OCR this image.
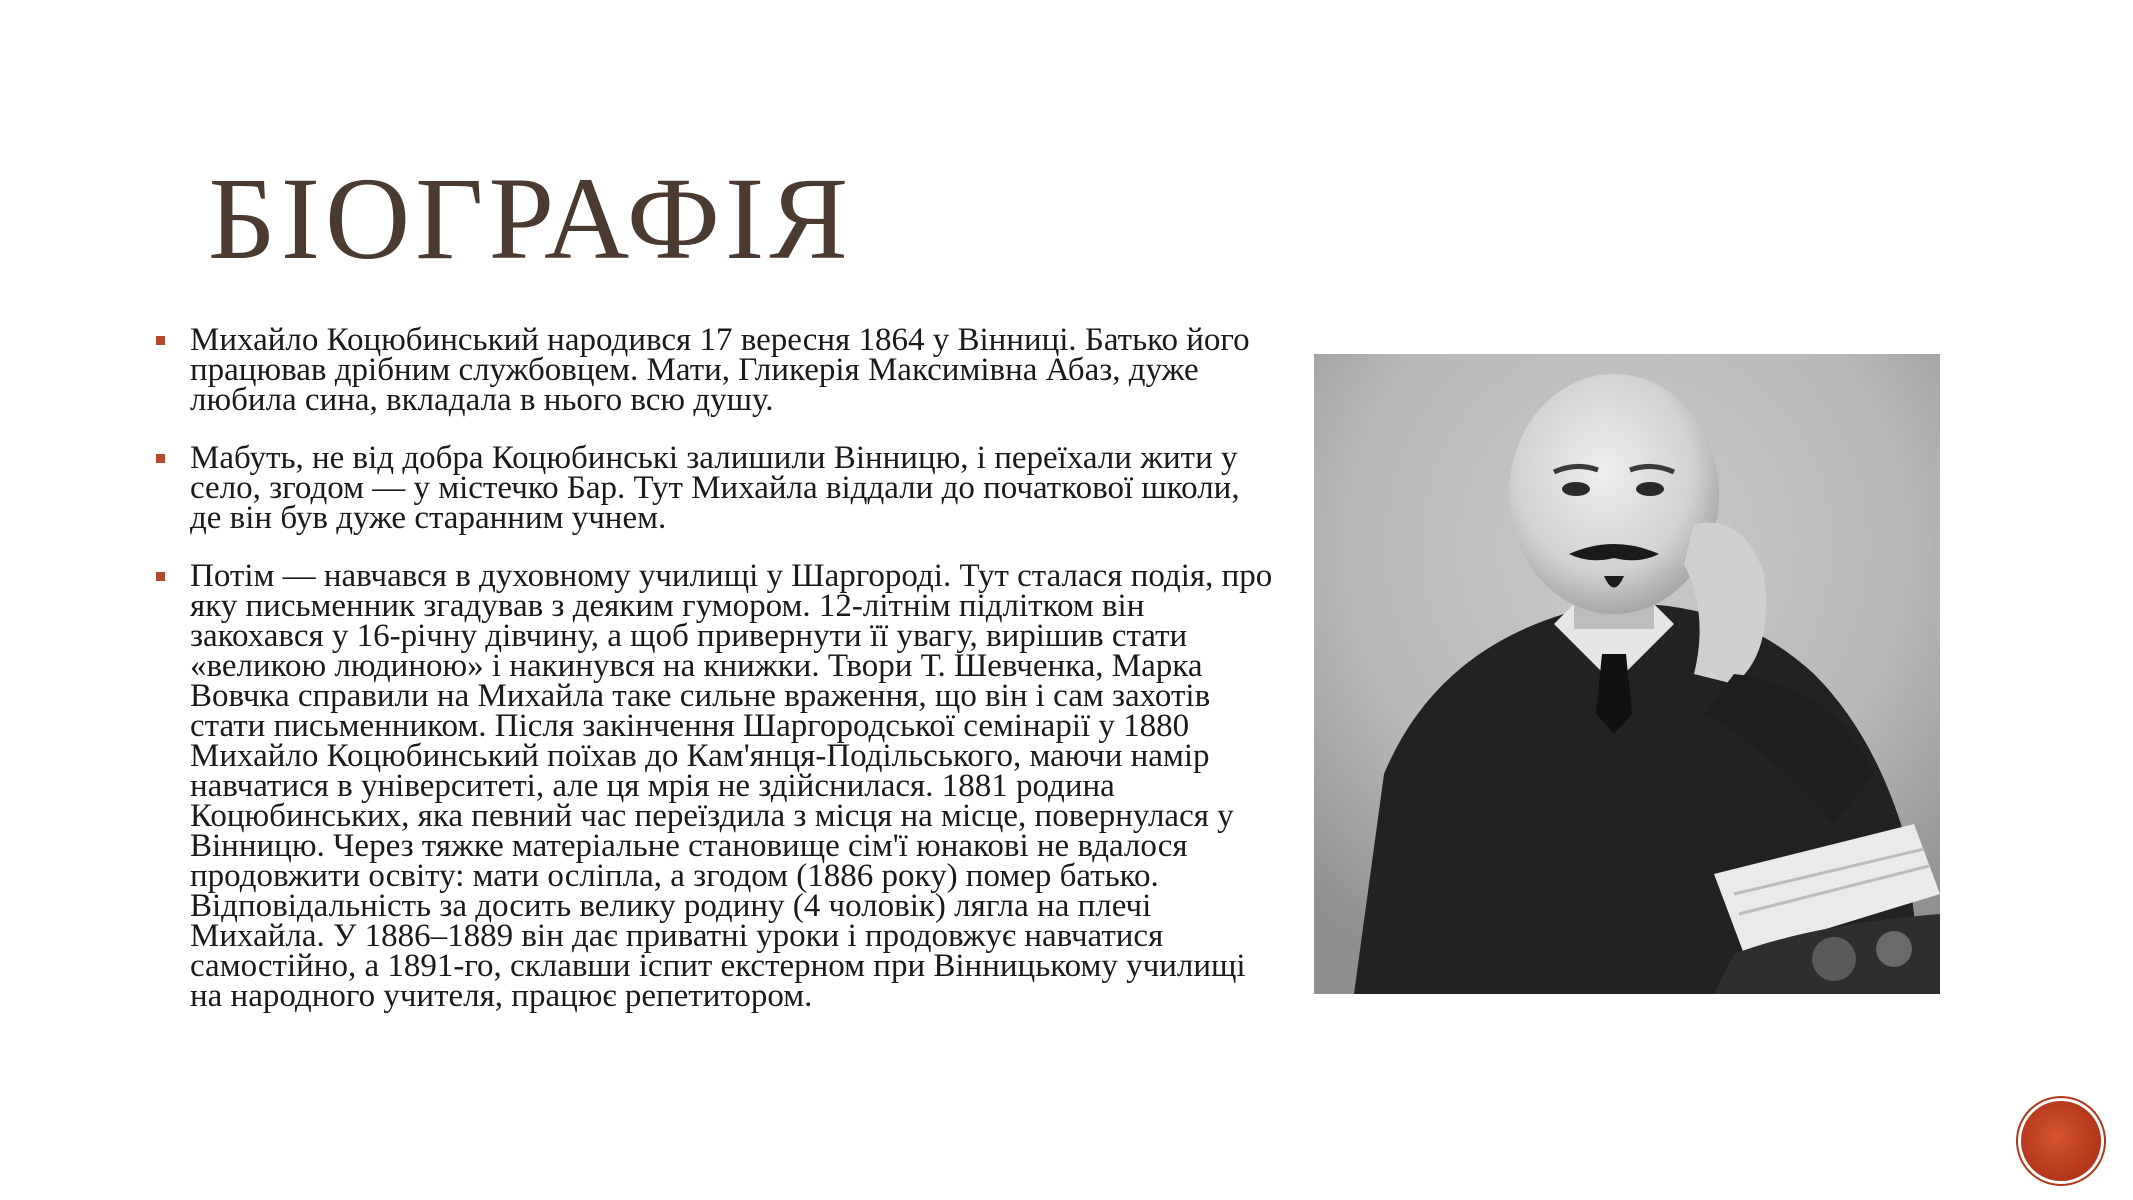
БІОГРАФІЯ

Михайло Коцюбинський народився 17 вересня 1864 у Вінниці. Батько його працював дрібним службовцем. Мати, Гликерія Максимівна Абаз, дуже любила сина, вкладала в нього всю душу.

Мабуть, не від добра Коцюбинські залишили Вінницю, і переїхали жити у село, згодом — у містечко Бар. Тут Михайла віддали до початкової школи, де він був дуже старанним учнем.

Потім — навчався в духовному училищі у Шаргороді. Тут сталася подія, про яку письменник згадував з деяким гумором. 12-літнім підлітком він закохався у 16-річну дівчину, а щоб привернути її увагу, вирішив стати «великою людиною» і накинувся на книжки. Твори Т. Шевченка, Марка Вовчка справили на Михайла таке сильне враження, що він і сам захотів стати письменником. Після закінчення Шаргородської семінарії у 1880 Михайло Коцюбинський поїхав до Кам'янця-Подільського, маючи намір навчатися в університеті, але ця мрія не здійснилася. 1881 родина Коцюбинських, яка певний час переїздила з місця на місце, повернулася у Вінницю. Через тяжке матеріальне становище сім'ї юнакові не вдалося продовжити освіту: мати осліпла, а згодом (1886 року) помер батько. Відповідальність за досить велику родину (4 чоловік) лягла на плечі Михайла. У 1886–1889 він дає приватні уроки і продовжує навчатися самостійно, а 1891-го, склавши іспит екстерном при Вінницькому училищі на народного учителя, працює репетитором.
